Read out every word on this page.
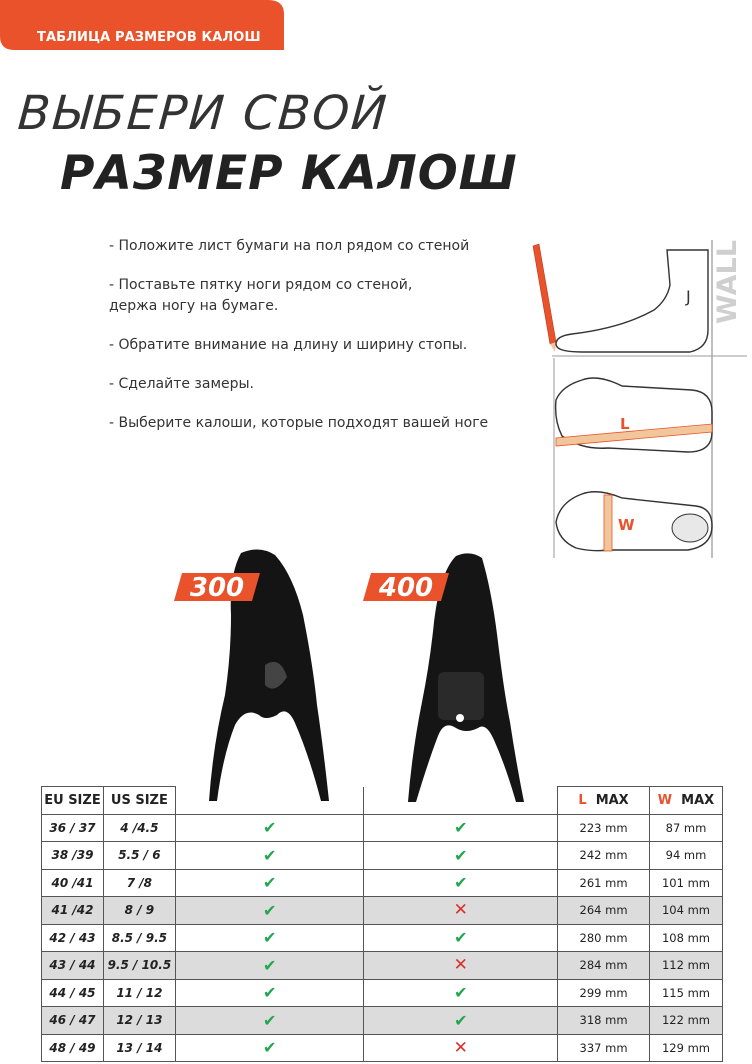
ТАБЛИЦА РАЗМЕРОВ КАЛОШ
ВЫБЕРИ СВОЙ
РАЗМЕР КАЛОШ
- Положите лист бумаги на пол рядом со стеной
- Поставьте пятку ноги рядом со стеной,
держа ногу на бумаге.
- Обратите внимание на длину и ширину стопы.
- Сделайте замеры.
- Выберите калоши, которые подходят вашей ноге
WALL
J
L
W
300	400
EU SIZE	US SIZE			L MAX	W MAX
36 / 37	4 /4.5	✔	✔	223 mm	87 mm
38 /39	5.5 / 6	✔	✔	242 mm	94 mm
40 /41	7 /8	✔	✔	261 mm	101 mm
41 /42	8 / 9	✔	✕	264 mm	104 mm
42 / 43	8.5 / 9.5	✔	✔	280 mm	108 mm
43 / 44	9.5 / 10.5	✔	✕	284 mm	112 mm
44 / 45	11 / 12	✔	✔	299 mm	115 mm
46 / 47	12 / 13	✔	✔	318 mm	122 mm
48 / 49	13 / 14	✔	✕	337 mm	129 mm
